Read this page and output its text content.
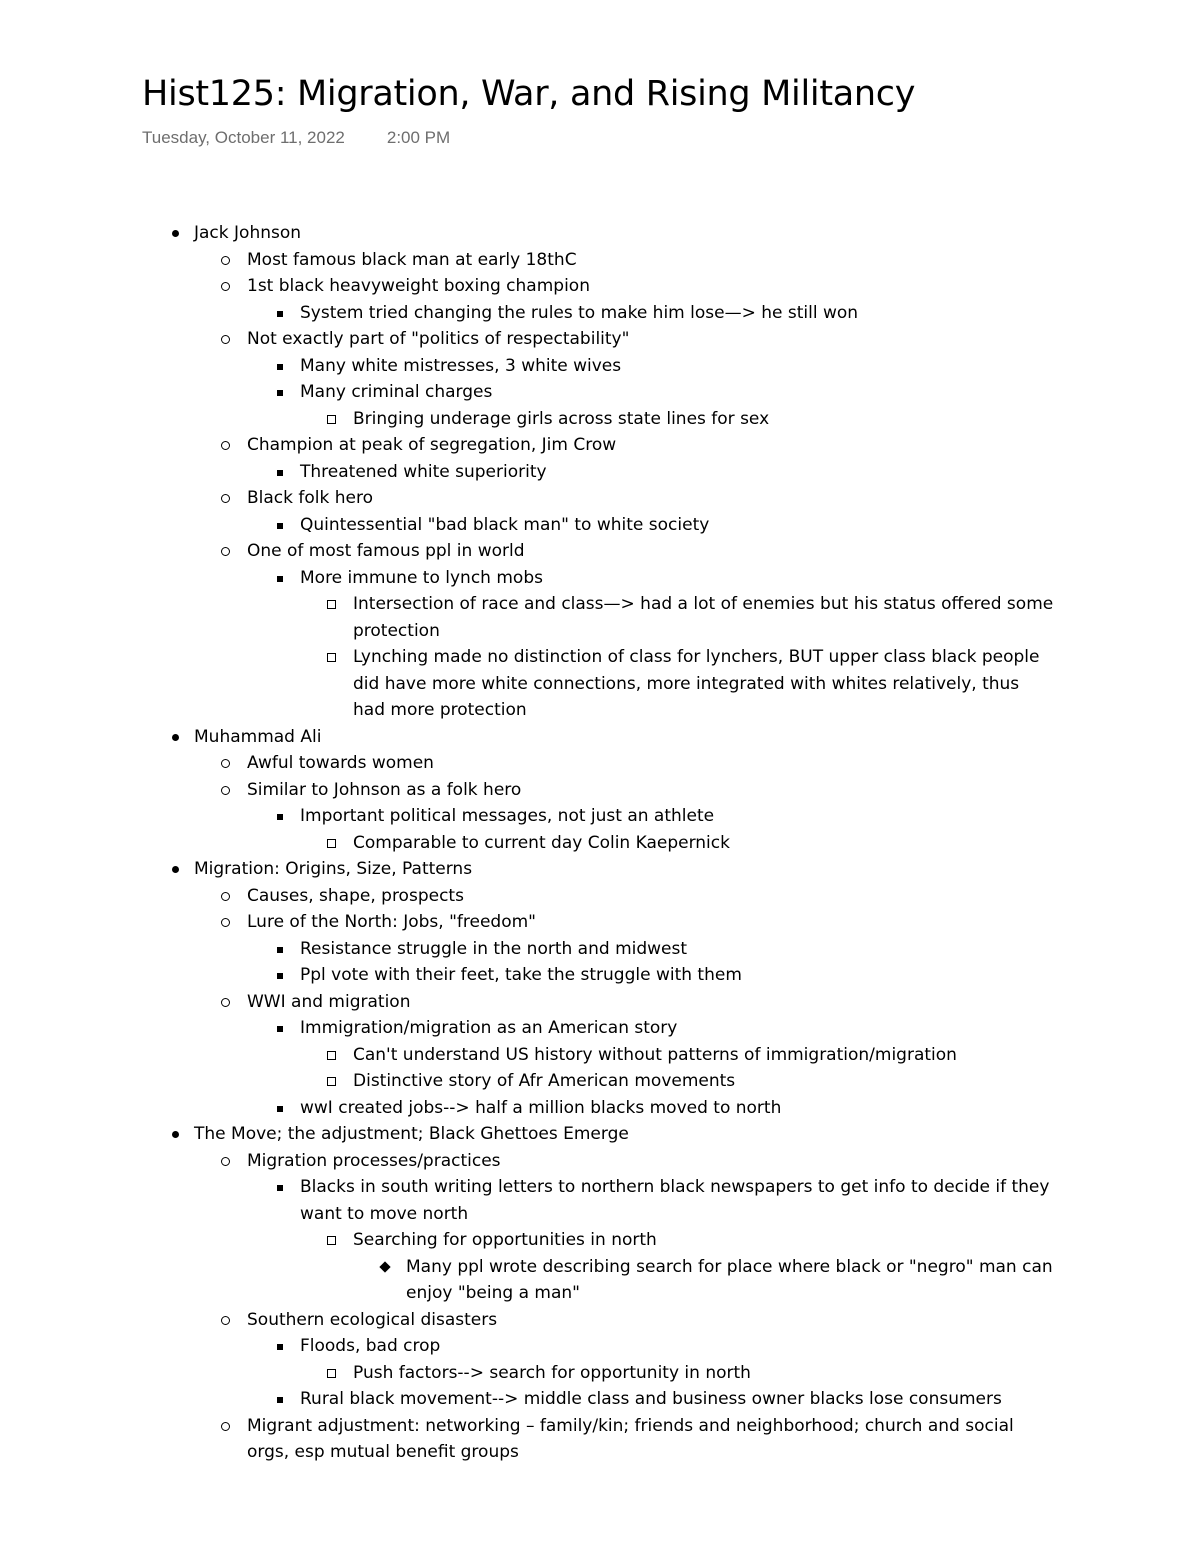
Hist125: Migration, War, and Rising Militancy
Tuesday, October 11, 2022 2:00 PM
Jack Johnson
Most famous black man at early 18thC
1st black heavyweight boxing champion
System tried changing the rules to make him lose—> he still won
Not exactly part of "politics of respectability"
Many white mistresses, 3 white wives
Many criminal charges
Bringing underage girls across state lines for sex
Champion at peak of segregation, Jim Crow
Threatened white superiority
Black folk hero
Quintessential "bad black man" to white society
One of most famous ppl in world
More immune to lynch mobs
Intersection of race and class—> had a lot of enemies but his status offered some protection
Lynching made no distinction of class for lynchers, BUT upper class black people did have more white connections, more integrated with whites relatively, thus had more protection
Muhammad Ali
Awful towards women
Similar to Johnson as a folk hero
Important political messages, not just an athlete
Comparable to current day Colin Kaepernick
Migration: Origins, Size, Patterns
Causes, shape, prospects
Lure of the North: Jobs, "freedom"
Resistance struggle in the north and midwest
Ppl vote with their feet, take the struggle with them
WWI and migration
Immigration/migration as an American story
Can't understand US history without patterns of immigration/migration
Distinctive story of Afr American movements
wwI created jobs--> half a million blacks moved to north
The Move; the adjustment; Black Ghettoes Emerge
Migration processes/practices
Blacks in south writing letters to northern black newspapers to get info to decide if they want to move north
Searching for opportunities in north
Many ppl wrote describing search for place where black or "negro" man can enjoy "being a man"
Southern ecological disasters
Floods, bad crop
Push factors--> search for opportunity in north
Rural black movement--> middle class and business owner blacks lose consumers
Migrant adjustment: networking – family/kin; friends and neighborhood; church and social orgs, esp mutual benefit groups
